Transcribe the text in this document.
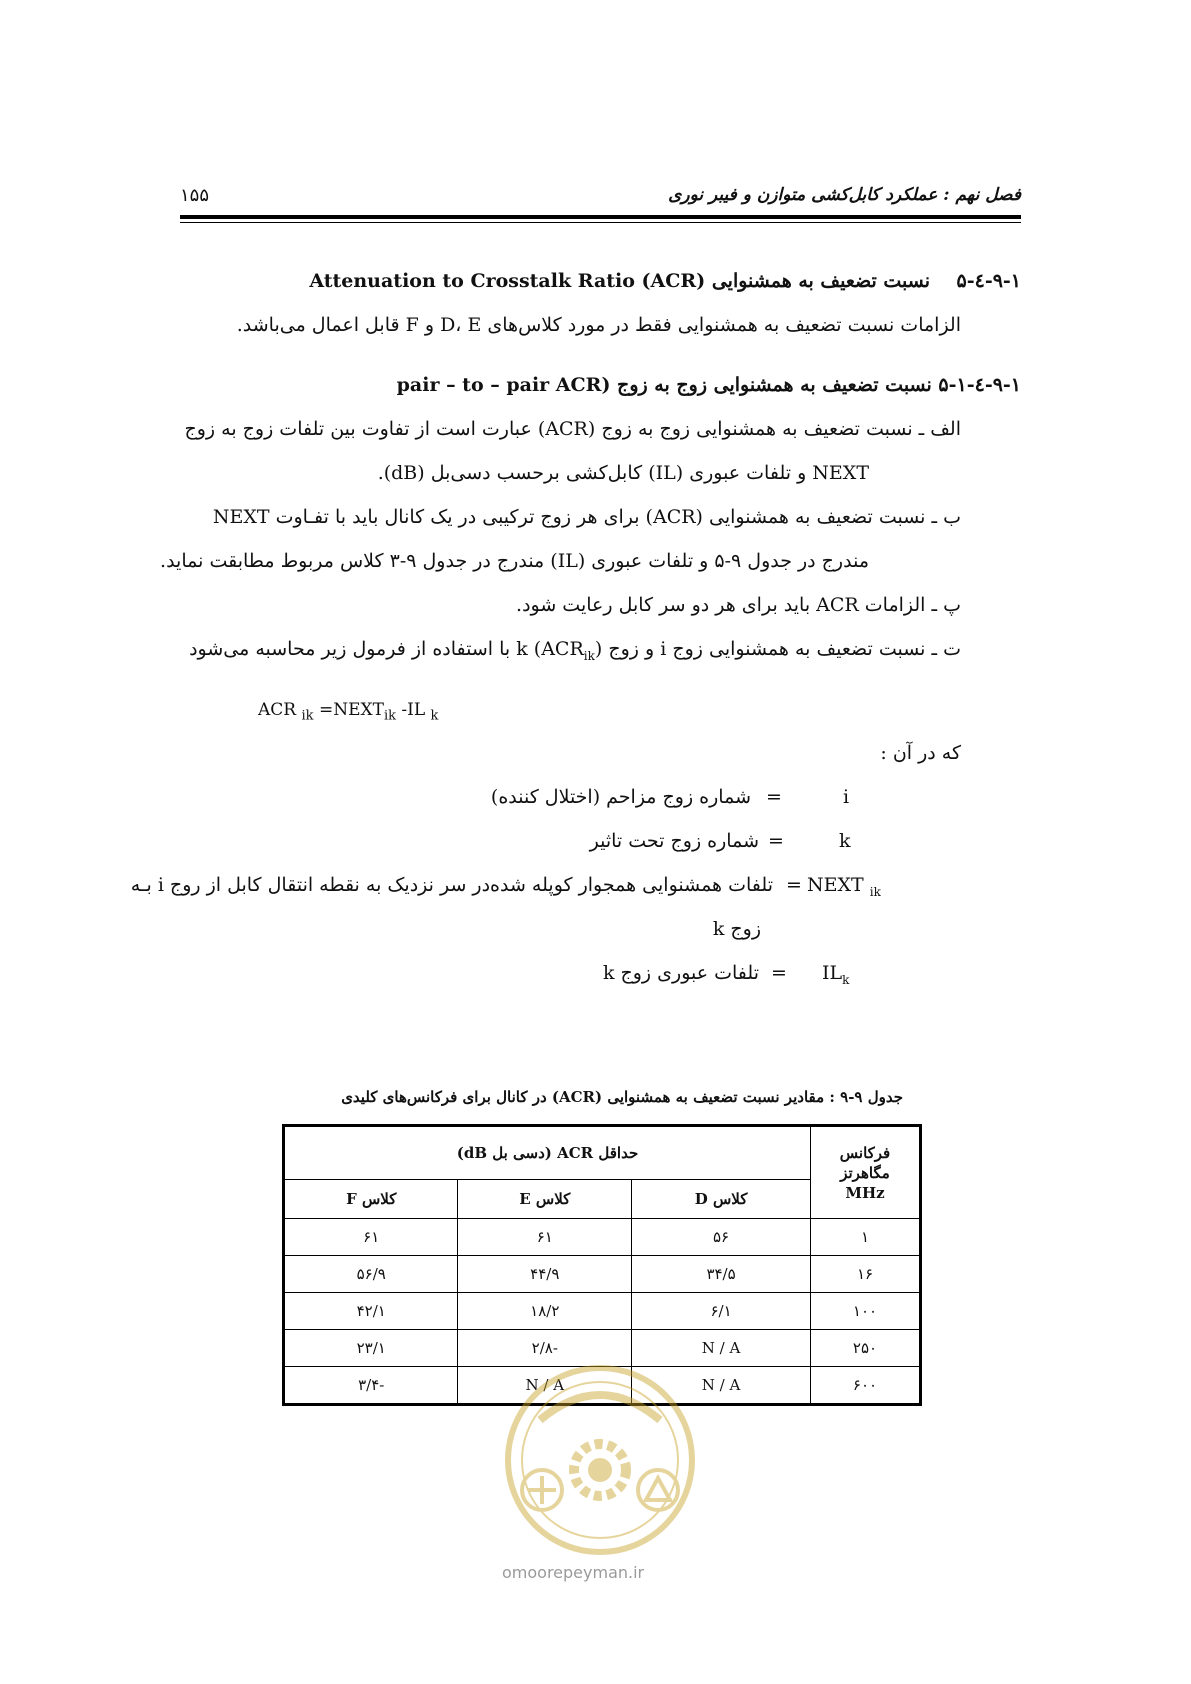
فصل نهم : عملکرد کابل‌کشی متوازن و فیبر نوری
۱۵۵
۹-۱-٤-۵    نسبت تضعیف به همشنوایی (Attenuation to Crosstalk Ratio (ACR
الزامات نسبت تضعیف به همشنوایی فقط در مورد کلاس‌های D، E و F قابل اعمال می‌باشد.
۹-۱-٤-۵-۱ نسبت تضعیف به همشنوایی زوج به زوج (pair – to – pair ACR
الف ـ نسبت تضعیف به همشنوایی زوج به زوج (ACR) عبارت است از تفاوت بین تلفات زوج به زوج
NEXT و تلفات عبوری (IL) کابل‌کشی برحسب دسی‌بل (dB).
ب ـ نسبت تضعیف به همشنوایی (ACR) برای هر زوج ترکیبی در یک کانال باید با تفـاوت NEXT
مندرج در جدول ۹-۵ و تلفات عبوری (IL) مندرج در جدول ۹-۳ کلاس مربوط مطابقت نماید.
پ ـ الزامات ACR باید برای هر دو سر کابل رعایت شود.
ت ـ نسبت تضعیف به همشنوایی زوج i و زوج k $(ACR_{ik})$ با استفاده از فرمول زیر محاسبه می‌شود
ACR $_{ik} =NEXT_{ik}$ -IL $_k$
که در آن :
i
=
شماره زوج مزاحم (اختلال کننده)
k
=
شماره زوج تحت تاثیر
NEXT $_{ik}$
=
تلفات همشنوایی همجوار کوپله شده‌در سر نزدیک به نقطه انتقال کابل از روج i بـه
زوج k
$IL_k$
=
تلفات عبوری زوج k
جدول ۹-۹ : مقادیر نسبت تضعیف به همشنوایی (ACR) در کانال برای فرکانس‌های کلیدی
فرکانس
مگاهرتز
MHz	حداقل ACR (دسی بل dB)		
	کلاس D	کلاس E	کلاس F
۱	۵۶	۶۱	۶۱
۱۶	۳۴/۵	۴۴/۹	۵۶/۹
۱۰۰	۶/۱	۱۸/۲	۴۲/۱
۲۵۰	N / A	-۲/۸	۲۳/۱
۶۰۰	N / A	N / A	-۳/۴
omoorepeyman.ir
